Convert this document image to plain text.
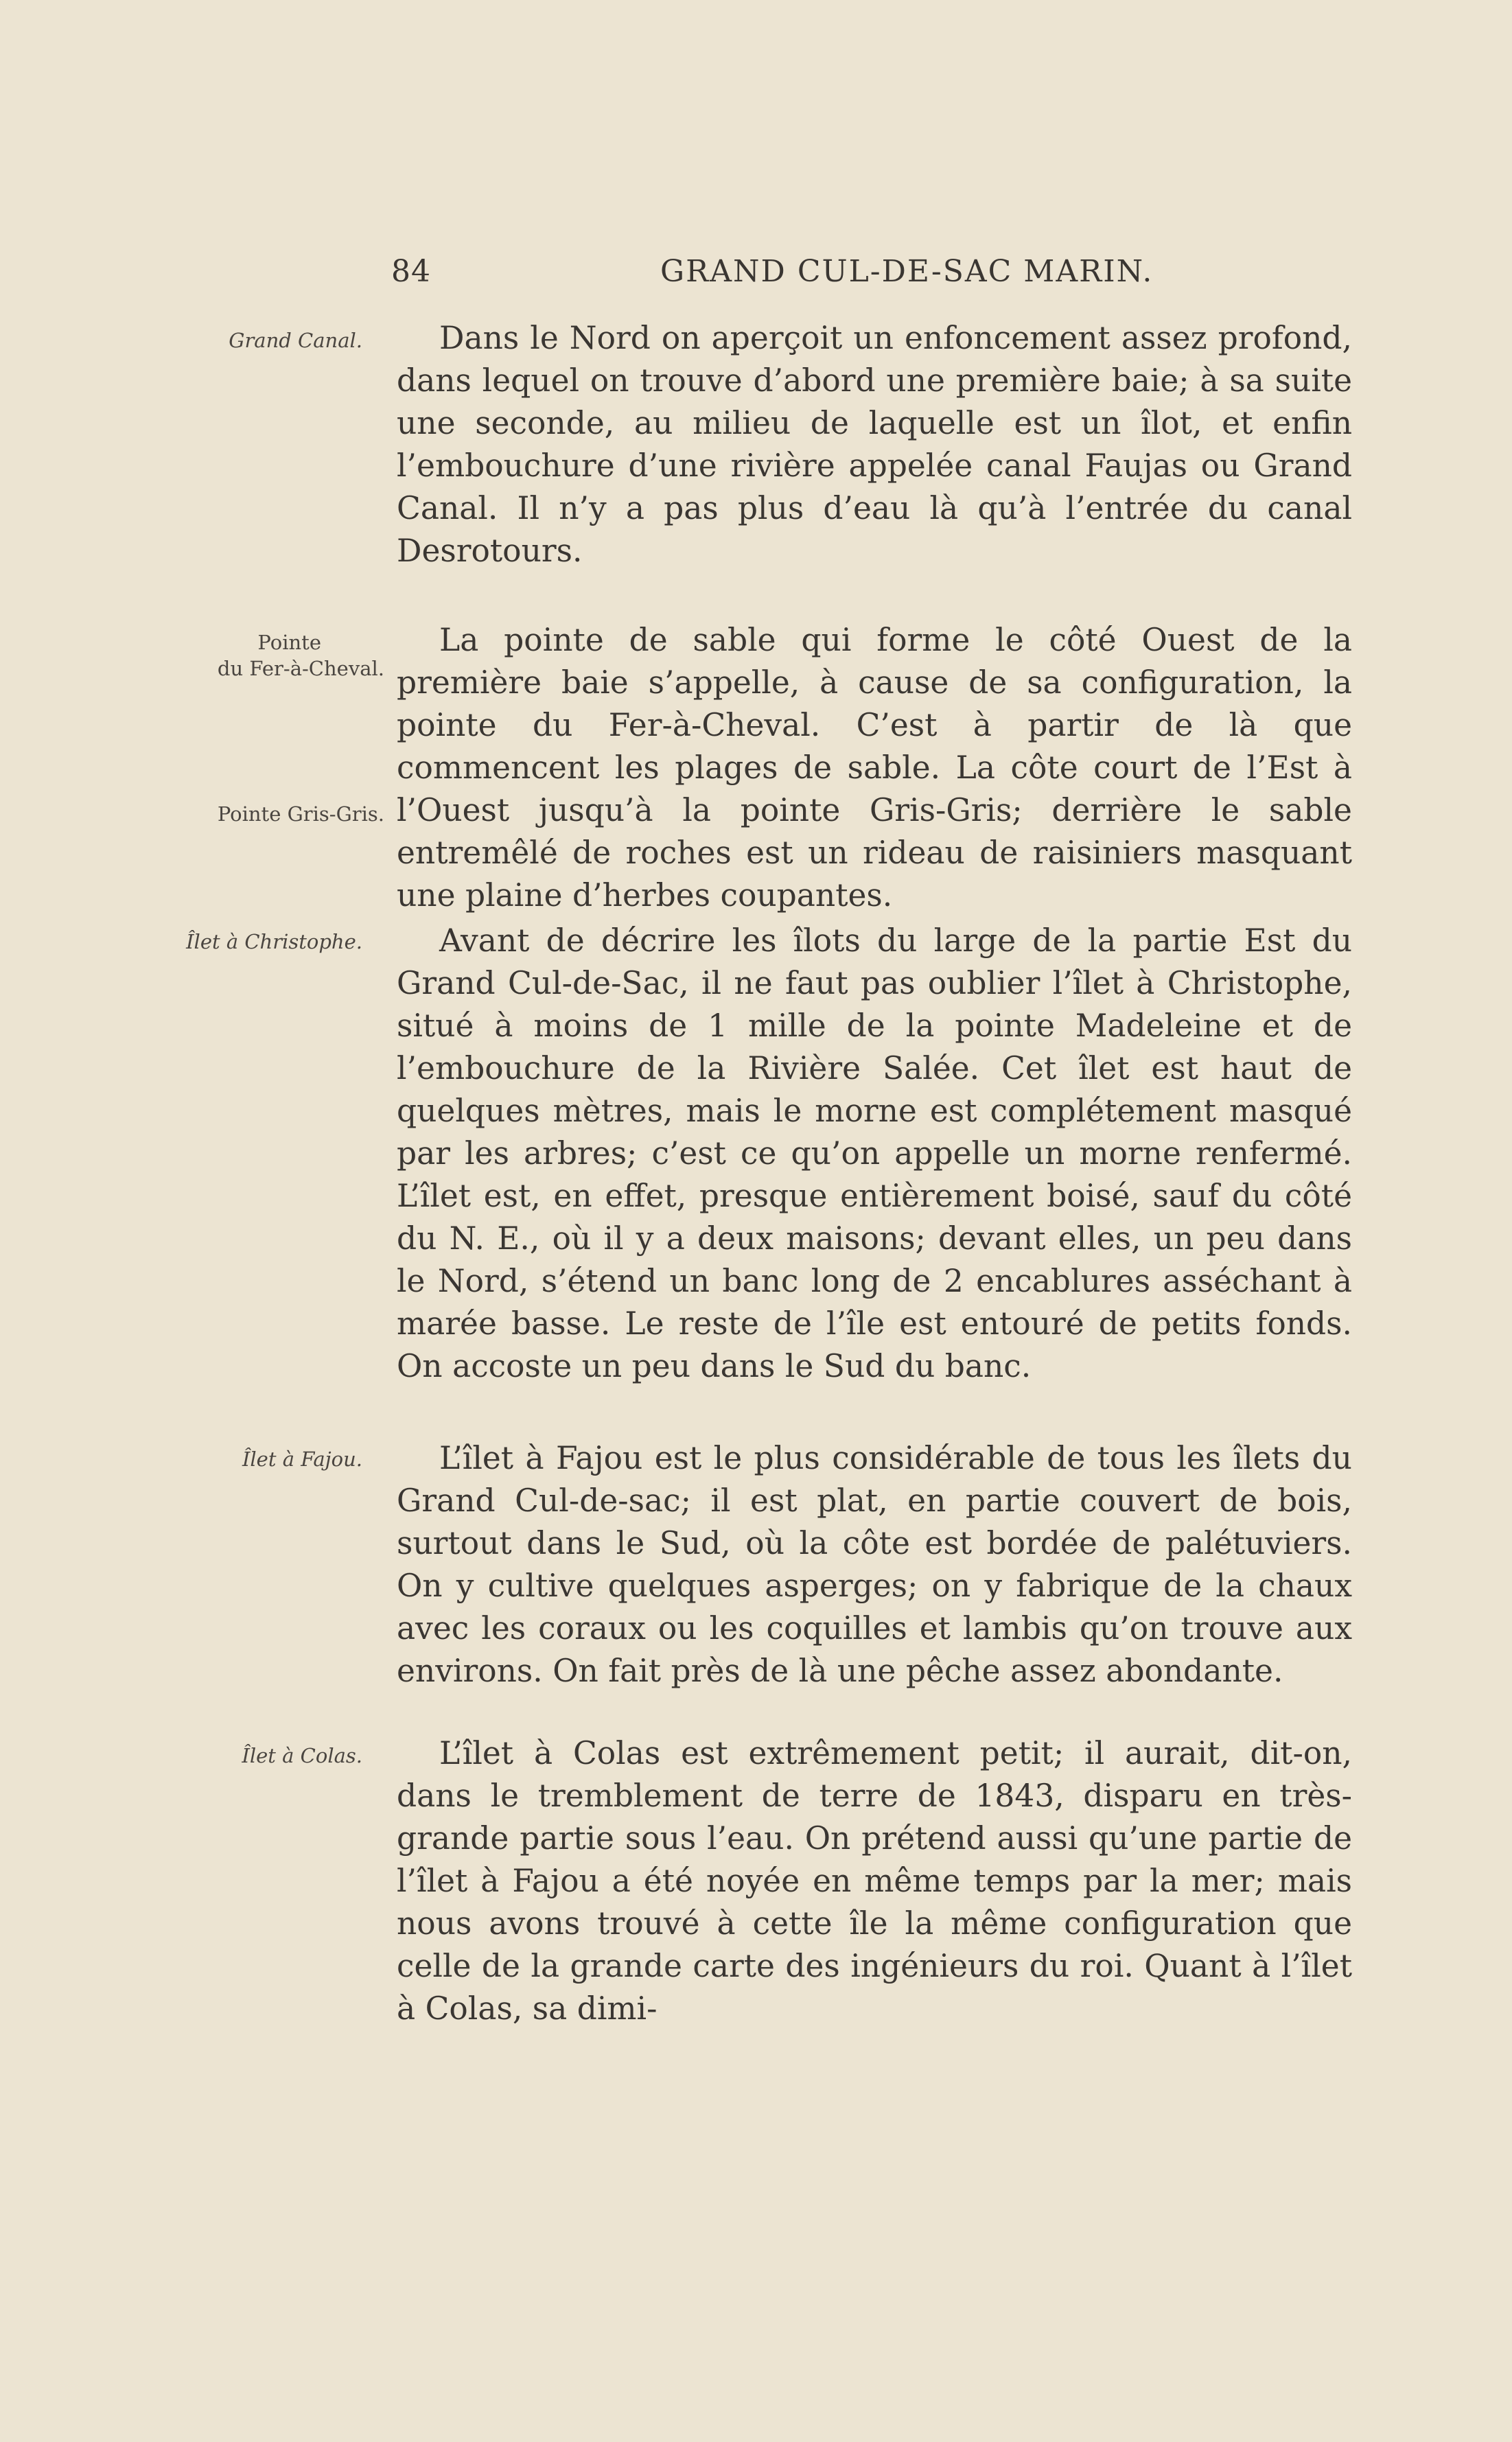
84	GRAND CUL-DE-SAC MARIN.
Grand Canal.	Dans le Nord on aperçoit un enfoncement assez profond, dans lequel on trouve d’abord une première baie; à sa suite une seconde, au milieu de laquelle est un îlot, et enfin l’embouchure d’une rivière appelée canal Faujas ou Grand Canal. Il n’y a pas plus d’eau là qu’à l’entrée du canal Desrotours.

Pointe
du Fer-à-Cheval.
Pointe Gris-Gris.

La pointe de sable qui forme le côté Ouest de la première baie s’appelle, à cause de sa configuration, la pointe du Fer-à-Cheval. C’est à partir de là que commencent les plages de sable. La côte court de l’Est à l’Ouest jusqu’à la pointe Gris-Gris; derrière le sable entremêlé de roches est un rideau de raisiniers masquant une plaine d’herbes coupantes.

Îlet à Christophe.	Avant de décrire les îlots du large de la partie Est du Grand Cul-de-Sac, il ne faut pas oublier l’îlet à Christophe, situé à moins de 1 mille de la pointe Madeleine et de l’embouchure de la Rivière Salée. Cet îlet est haut de quelques mètres, mais le morne est complétement masqué par les arbres; c’est ce qu’on appelle un morne renfermé. L’îlet est, en effet, presque entièrement boisé, sauf du côté du N. E., où il y a deux maisons; devant elles, un peu dans le Nord, s’étend un banc long de 2 encablures asséchant à marée basse. Le reste de l’île est entouré de petits fonds. On accoste un peu dans le Sud du banc.

Îlet à Fajou.	L’îlet à Fajou est le plus considérable de tous les îlets du Grand Cul-de-sac; il est plat, en partie couvert de bois, surtout dans le Sud, où la côte est bordée de palétuviers. On y cultive quelques asperges; on y fabrique de la chaux avec les coraux ou les coquilles et lambis qu’on trouve aux environs. On fait près de là une pêche assez abondante.

Îlet à Colas.	L’îlet à Colas est extrêmement petit; il aurait, dit-on, dans le tremblement de terre de 1843, disparu en très-grande partie sous l’eau. On prétend aussi qu’une partie de l’îlet à Fajou a été noyée en même temps par la mer; mais nous avons trouvé à cette île la même configuration que celle de la grande carte des ingénieurs du roi. Quant à l’îlet à Colas, sa dimi-
